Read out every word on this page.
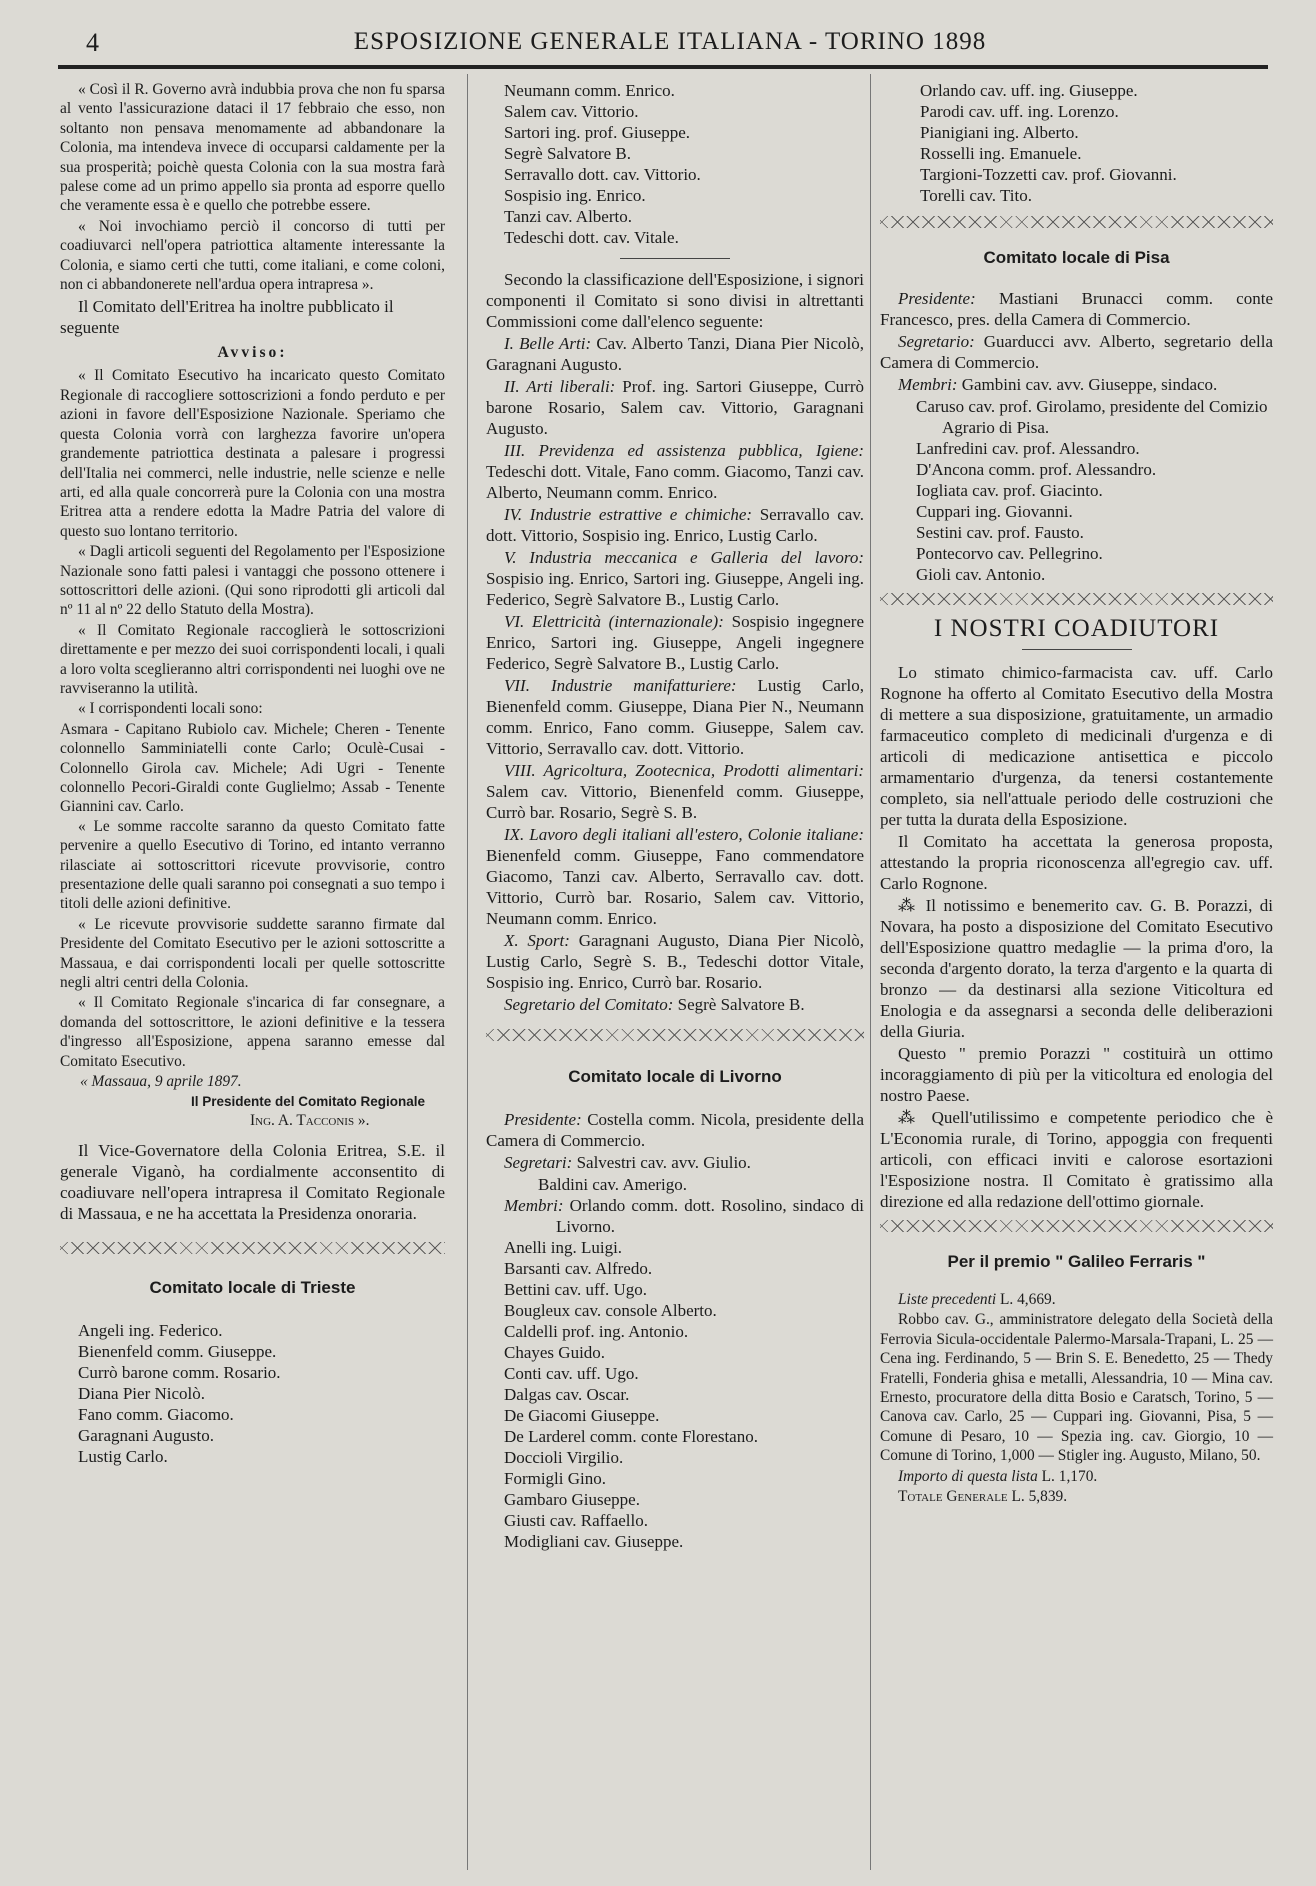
4	ESPOSIZIONE GENERALE ITALIANA - TORINO 1898

« Così il R. Governo avrà indubbia prova che non fu sparsa al vento l'assicurazione dataci il 17 febbraio che esso, non soltanto non pensava menomamente ad abbandonare la Colonia, ma intendeva invece di occuparsi caldamente per la sua prosperità; poichè questa Colonia con la sua mostra farà palese come ad un primo appello sia pronta ad esporre quello che veramente essa è e quello che potrebbe essere.

« Noi invochiamo perciò il concorso di tutti per coadiuvarci nell'opera patriottica altamente interessante la Colonia, e siamo certi che tutti, come italiani, e come coloni, non ci abbandonerete nell'ardua opera intrapresa ».

Il Comitato dell'Eritrea ha inoltre pubblicato il seguente

Avviso:

« Il Comitato Esecutivo ha incaricato questo Comitato Regionale di raccogliere sottoscrizioni a fondo perduto e per azioni in favore dell'Esposizione Nazionale. Speriamo che questa Colonia vorrà con larghezza favorire un'opera grandemente patriottica destinata a palesare i progressi dell'Italia nei commerci, nelle industrie, nelle scienze e nelle arti, ed alla quale concorrerà pure la Colonia con una mostra Eritrea atta a rendere edotta la Madre Patria del valore di questo suo lontano territorio.

« Dagli articoli seguenti del Regolamento per l'Esposizione Nazionale sono fatti palesi i vantaggi che possono ottenere i sottoscrittori delle azioni. (Qui sono riprodotti gli articoli dal nº 11 al nº 22 dello Statuto della Mostra).

« Il Comitato Regionale raccoglierà le sottoscrizioni direttamente e per mezzo dei suoi corrispondenti locali, i quali a loro volta sceglieranno altri corrispondenti nei luoghi ove ne ravviseranno la utilità.

« I corrispondenti locali sono:

Asmara - Capitano Rubiolo cav. Michele; Cheren - Tenente colonnello Samminiatelli conte Carlo; Oculè-Cusai - Colonnello Girola cav. Michele; Adi Ugri - Tenente colonnello Pecori-Giraldi conte Guglielmo; Assab - Tenente Giannini cav. Carlo.

« Le somme raccolte saranno da questo Comitato fatte pervenire a quello Esecutivo di Torino, ed intanto verranno rilasciate ai sottoscrittori ricevute provvisorie, contro presentazione delle quali saranno poi consegnati a suo tempo i titoli delle azioni definitive.

« Le ricevute provvisorie suddette saranno firmate dal Presidente del Comitato Esecutivo per le azioni sottoscritte a Massaua, e dai corrispondenti locali per quelle sottoscritte negli altri centri della Colonia.

« Il Comitato Regionale s'incarica di far consegnare, a domanda del sottoscrittore, le azioni definitive e la tessera d'ingresso all'Esposizione, appena saranno emesse dal Comitato Esecutivo.

« Massaua, 9 aprile 1897.

Il Presidente del Comitato Regionale

Ing. A. Tacconis ».

Il Vice-Governatore della Colonia Eritrea, S.E. il generale Viganò, ha cordialmente acconsentito di coadiuvare nell'opera intrapresa il Comitato Regionale di Massaua, e ne ha accettata la Presidenza onoraria.

Comitato locale di Trieste

Angeli ing. Federico.

Bienenfeld comm. Giuseppe.

Currò barone comm. Rosario.

Diana Pier Nicolò.

Fano comm. Giacomo.

Garagnani Augusto.

Lustig Carlo.

Neumann comm. Enrico.

Salem cav. Vittorio.

Sartori ing. prof. Giuseppe.

Segrè Salvatore B.

Serravallo dott. cav. Vittorio.

Sospisio ing. Enrico.

Tanzi cav. Alberto.

Tedeschi dott. cav. Vitale.

Secondo la classificazione dell'Esposizione, i signori componenti il Comitato si sono divisi in altrettanti Commissioni come dall'elenco seguente:

I. Belle Arti: Cav. Alberto Tanzi, Diana Pier Nicolò, Garagnani Augusto.

II. Arti liberali: Prof. ing. Sartori Giuseppe, Currò barone Rosario, Salem cav. Vittorio, Garagnani Augusto.

III. Previdenza ed assistenza pubblica, Igiene: Tedeschi dott. Vitale, Fano comm. Giacomo, Tanzi cav. Alberto, Neumann comm. Enrico.

IV. Industrie estrattive e chimiche: Serravallo cav. dott. Vittorio, Sospisio ing. Enrico, Lustig Carlo.

V. Industria meccanica e Galleria del lavoro: Sospisio ing. Enrico, Sartori ing. Giuseppe, Angeli ing. Federico, Segrè Salvatore B., Lustig Carlo.

VI. Elettricità (internazionale): Sospisio ingegnere Enrico, Sartori ing. Giuseppe, Angeli ingegnere Federico, Segrè Salvatore B., Lustig Carlo.

VII. Industrie manifatturiere: Lustig Carlo, Bienenfeld comm. Giuseppe, Diana Pier N., Neumann comm. Enrico, Fano comm. Giuseppe, Salem cav. Vittorio, Serravallo cav. dott. Vittorio.

VIII. Agricoltura, Zootecnica, Prodotti alimentari: Salem cav. Vittorio, Bienenfeld comm. Giuseppe, Currò bar. Rosario, Segrè S. B.

IX. Lavoro degli italiani all'estero, Colonie italiane: Bienenfeld comm. Giuseppe, Fano commendatore Giacomo, Tanzi cav. Alberto, Serravallo cav. dott. Vittorio, Currò bar. Rosario, Salem cav. Vittorio, Neumann comm. Enrico.

X. Sport: Garagnani Augusto, Diana Pier Nicolò, Lustig Carlo, Segrè S. B., Tedeschi dottor Vitale, Sospisio ing. Enrico, Currò bar. Rosario.

Segretario del Comitato: Segrè Salvatore B.

Comitato locale di Livorno

Presidente: Costella comm. Nicola, presidente della Camera di Commercio.

Segretari: Salvestri cav. avv. Giulio.

Baldini cav. Amerigo.

Membri: Orlando comm. dott. Rosolino, sindaco di Livorno.

Anelli ing. Luigi.

Barsanti cav. Alfredo.

Bettini cav. uff. Ugo.

Bougleux cav. console Alberto.

Caldelli prof. ing. Antonio.

Chayes Guido.

Conti cav. uff. Ugo.

Dalgas cav. Oscar.

De Giacomi Giuseppe.

De Larderel comm. conte Florestano.

Doccioli Virgilio.

Formigli Gino.

Gambaro Giuseppe.

Giusti cav. Raffaello.

Modigliani cav. Giuseppe.

Orlando cav. uff. ing. Giuseppe.

Parodi cav. uff. ing. Lorenzo.

Pianigiani ing. Alberto.

Rosselli ing. Emanuele.

Targioni-Tozzetti cav. prof. Giovanni.

Torelli cav. Tito.

Comitato locale di Pisa

Presidente: Mastiani Brunacci comm. conte Francesco, pres. della Camera di Commercio.

Segretario: Guarducci avv. Alberto, segretario della Camera di Commercio.

Membri: Gambini cav. avv. Giuseppe, sindaco.

Caruso cav. prof. Girolamo, presidente del Comizio Agrario di Pisa.

Lanfredini cav. prof. Alessandro.

D'Ancona comm. prof. Alessandro.

Iogliata cav. prof. Giacinto.

Cuppari ing. Giovanni.

Sestini cav. prof. Fausto.

Pontecorvo cav. Pellegrino.

Gioli cav. Antonio.

I NOSTRI COADIUTORI

Lo stimato chimico-farmacista cav. uff. Carlo Rognone ha offerto al Comitato Esecutivo della Mostra di mettere a sua disposizione, gratuitamente, un armadio farmaceutico completo di medicinali d'urgenza e di articoli di medicazione antisettica e piccolo armamentario d'urgenza, da tenersi costantemente completo, sia nell'attuale periodo delle costruzioni che per tutta la durata della Esposizione.

Il Comitato ha accettata la generosa proposta, attestando la propria riconoscenza all'egregio cav. uff. Carlo Rognone.

⁂ Il notissimo e benemerito cav. G. B. Porazzi, di Novara, ha posto a disposizione del Comitato Esecutivo dell'Esposizione quattro medaglie — la prima d'oro, la seconda d'argento dorato, la terza d'argento e la quarta di bronzo — da destinarsi alla sezione Viticoltura ed Enologia e da assegnarsi a seconda delle deliberazioni della Giuria.

Questo " premio Porazzi " costituirà un ottimo incoraggiamento di più per la viticoltura ed enologia del nostro Paese.

⁂ Quell'utilissimo e competente periodico che è L'Economia rurale, di Torino, appoggia con frequenti articoli, con efficaci inviti e calorose esortazioni l'Esposizione nostra. Il Comitato è gratissimo alla direzione ed alla redazione dell'ottimo giornale.

Per il premio " Galileo Ferraris "

Liste precedenti L. 4,669.

Robbo cav. G., amministratore delegato della Società della Ferrovia Sicula-occidentale Palermo-Marsala-Trapani, L. 25 — Cena ing. Ferdinando, 5 — Brin S. E. Benedetto, 25 — Thedy Fratelli, Fonderia ghisa e metalli, Alessandria, 10 — Mina cav. Ernesto, procuratore della ditta Bosio e Caratsch, Torino, 5 — Canova cav. Carlo, 25 — Cuppari ing. Giovanni, Pisa, 5 — Comune di Pesaro, 10 — Spezia ing. cav. Giorgio, 10 — Comune di Torino, 1,000 — Stigler ing. Augusto, Milano, 50.

Importo di questa lista L. 1,170.

Totale Generale L. 5,839.
